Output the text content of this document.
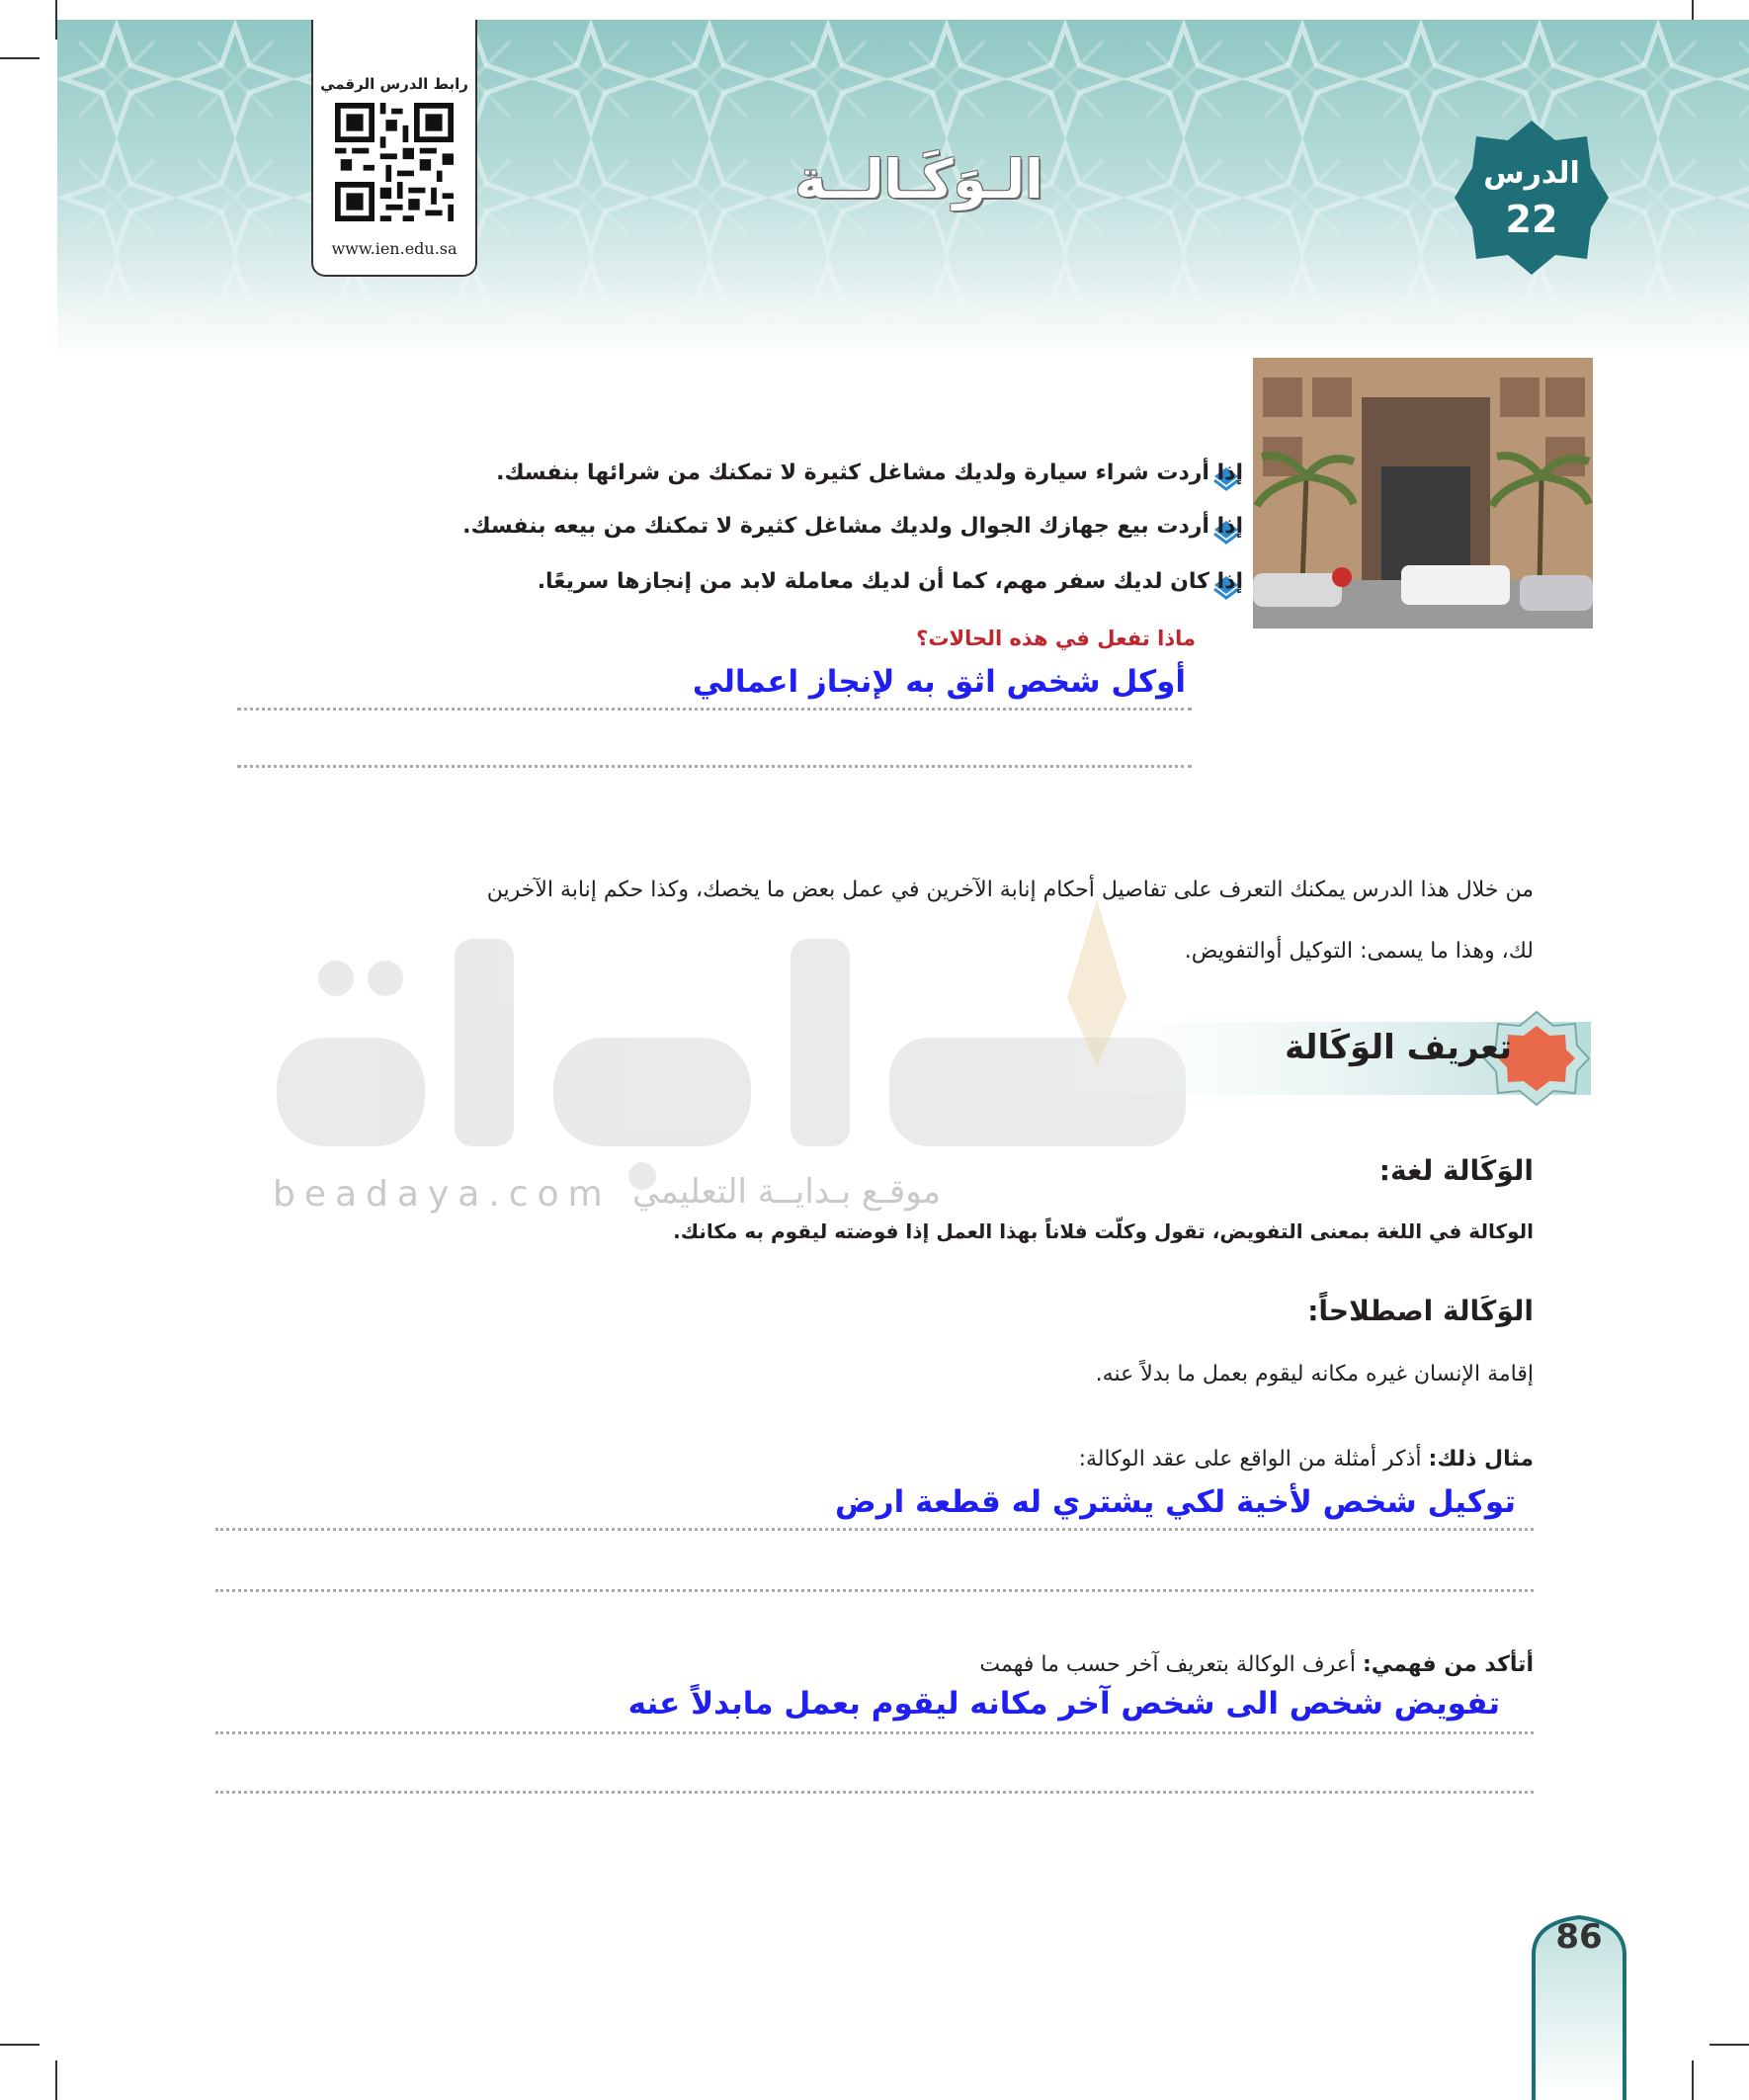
رابط الدرس الرقمي
www.ien.edu.sa
الـوَكَـالــة	الدرس
22
إذا أردت شراء سيارة ولديك مشاغل كثيرة لا تمكنك من شرائها بنفسك.
إذا أردت بيع جهازك الجوال ولديك مشاغل كثيرة لا تمكنك من بيعه بنفسك.
إذا كان لديك سفر مهم، كما أن لديك معاملة لابد من إنجازها سريعًا.
ماذا تفعل في هذه الحالات؟
أوكل شخص اثق به لإنجاز اعمالي
من خلال هذا الدرس يمكنك التعرف على تفاصيل أحكام إنابة الآخرين في عمل بعض ما يخصك، وكذا حكم إنابة الآخرين
لك، وهذا ما يسمى: التوكيل أوالتفويض.
beadaya.com موقـع بـدايــة التعليمي
تعريف الوَكَالة
الوَكَالة لغة:
الوكالة في اللغة بمعنى التفويض، تقول وكلّت فلاناً بهذا العمل إذا فوضته ليقوم به مكانك.
الوَكَالة اصطلاحاً:
إقامة الإنسان غيره مكانه ليقوم بعمل ما بدلاً عنه.
مثال ذلك: أذكر أمثلة من الواقع على عقد الوكالة:
توكيل شخص لأخية لكي يشتري له قطعة ارض
أتأكد من فهمي: أعرف الوكالة بتعريف آخر حسب ما فهمت
تفويض شخص الى شخص آخر مكانه ليقوم بعمل مابدلاً عنه
86
